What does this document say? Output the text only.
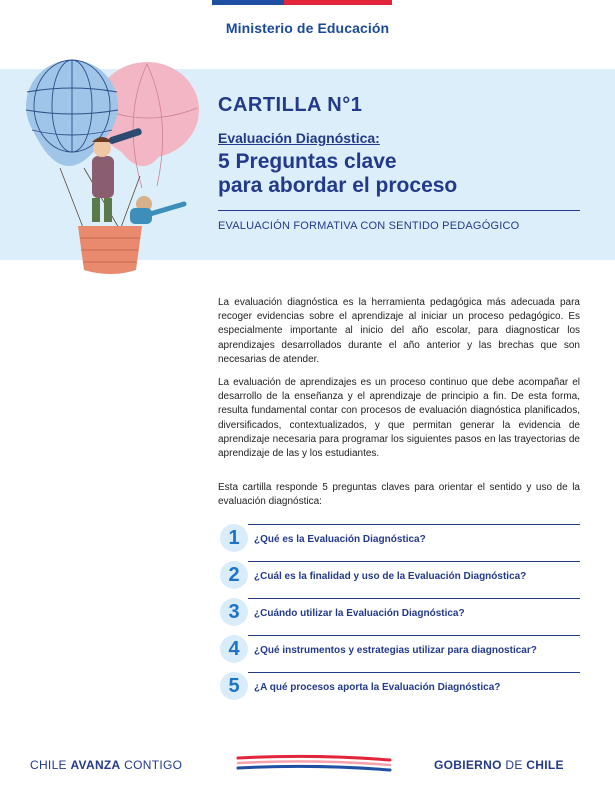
Ministerio de Educación
CARTILLA N°1
Evaluación Diagnóstica:
5 Preguntas clave
para abordar el proceso
EVALUACIÓN FORMATIVA CON SENTIDO PEDAGÓGICO

La evaluación diagnóstica es la herramienta pedagógica más adecuada para recoger evidencias sobre el aprendizaje al iniciar un proceso pedagógico. Es especialmente importante al inicio del año escolar, para diagnosticar los aprendizajes desarrollados durante el año anterior y las brechas que son necesarias de atender.

La evaluación de aprendizajes es un proceso continuo que debe acompañar el desarrollo de la enseñanza y el aprendizaje de principio a fin. De esta forma, resulta fundamental contar con procesos de evaluación diagnóstica planificados, diversificados, contextualizados, y que permitan generar la evidencia de aprendizaje necesaria para programar los siguientes pasos en las trayectorias de aprendizaje de las y los estudiantes.

Esta cartilla responde 5 preguntas claves para orientar el sentido y uso de la evaluación diagnóstica:

1	¿Qué es la Evaluación Diagnóstica?
2	¿Cuál es la finalidad y uso de la Evaluación Diagnóstica?
3	¿Cuándo utilizar la Evaluación Diagnóstica?
4	¿Qué instrumentos y estrategias utilizar para diagnosticar?
5	¿A qué procesos aporta la Evaluación Diagnóstica?
CHILE AVANZA CONTIGO	GOBIERNO DE CHILE
